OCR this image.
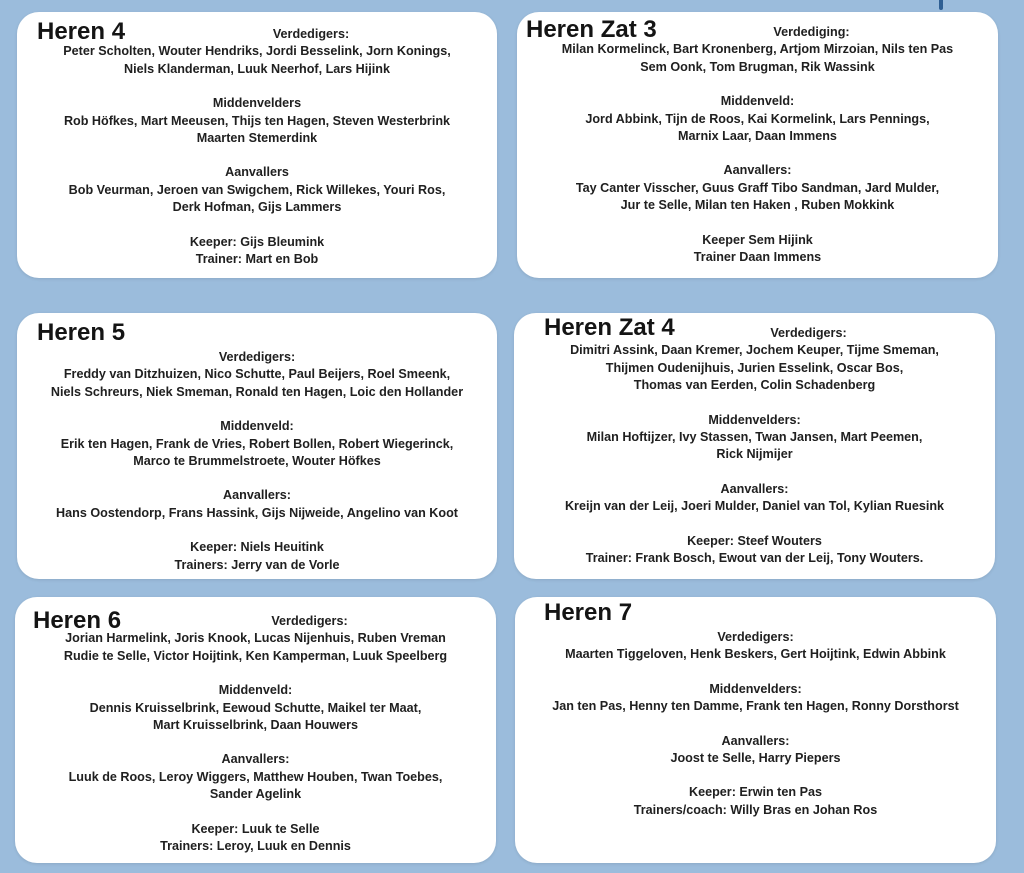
Heren 4	Verdedigers:
Peter Scholten, Wouter Hendriks, Jordi Besselink, Jorn Konings,
Niels Klanderman, Luuk Neerhof, Lars Hijink
Middenvelders
Rob Höfkes, Mart Meeusen, Thijs ten Hagen, Steven Westerbrink
Maarten Stemerdink
Aanvallers
Bob Veurman, Jeroen van Swigchem, Rick Willekes, Youri Ros,
Derk Hofman, Gijs Lammers
Keeper: Gijs Bleumink
Trainer: Mart en Bob
Heren Zat 3	Verdediging:
Milan Kormelinck, Bart Kronenberg, Artjom Mirzoian, Nils ten Pas
Sem Oonk, Tom Brugman, Rik Wassink
Middenveld:
Jord Abbink, Tijn de Roos, Kai Kormelink, Lars Pennings,
Marnix Laar, Daan Immens
Aanvallers:
Tay Canter Visscher, Guus Graff Tibo Sandman, Jard Mulder,
Jur te Selle, Milan ten Haken , Ruben Mokkink
Keeper Sem Hijink
Trainer Daan Immens
Heren 5
Verdedigers:
Freddy van Ditzhuizen, Nico Schutte, Paul Beijers, Roel Smeenk,
Niels Schreurs, Niek Smeman, Ronald ten Hagen, Loic den Hollander
Middenveld:
Erik ten Hagen, Frank de Vries, Robert Bollen, Robert Wiegerinck,
Marco te Brummelstroete, Wouter Höfkes
Aanvallers:
Hans Oostendorp, Frans Hassink, Gijs Nijweide, Angelino van Koot
Keeper: Niels Heuitink
Trainers: Jerry van de Vorle
Heren Zat 4	Verdedigers:
Dimitri Assink, Daan Kremer, Jochem Keuper, Tijme Smeman,
Thijmen Oudenijhuis, Jurien Esselink, Oscar Bos,
Thomas van Eerden, Colin Schadenberg
Middenvelders:
Milan Hoftijzer, Ivy Stassen, Twan Jansen, Mart Peemen,
Rick Nijmijer
Aanvallers:
Kreijn van der Leij, Joeri Mulder, Daniel van Tol, Kylian Ruesink
Keeper: Steef Wouters
Trainer: Frank Bosch, Ewout van der Leij, Tony Wouters.
Heren 6	Verdedigers:
Jorian Harmelink, Joris Knook, Lucas Nijenhuis, Ruben Vreman
Rudie te Selle, Victor Hoijtink, Ken Kamperman, Luuk Speelberg
Middenveld:
Dennis Kruisselbrink, Eewoud Schutte, Maikel ter Maat,
Mart Kruisselbrink, Daan Houwers
Aanvallers:
Luuk de Roos, Leroy Wiggers, Matthew Houben, Twan Toebes,
Sander Agelink
Keeper: Luuk te Selle
Trainers: Leroy, Luuk en Dennis
Heren 7
Verdedigers:
Maarten Tiggeloven, Henk Beskers, Gert Hoijtink, Edwin Abbink
Middenvelders:
Jan ten Pas, Henny ten Damme, Frank ten Hagen, Ronny Dorsthorst
Aanvallers:
Joost te Selle, Harry Piepers
Keeper: Erwin ten Pas
Trainers/coach: Willy Bras en Johan Ros
